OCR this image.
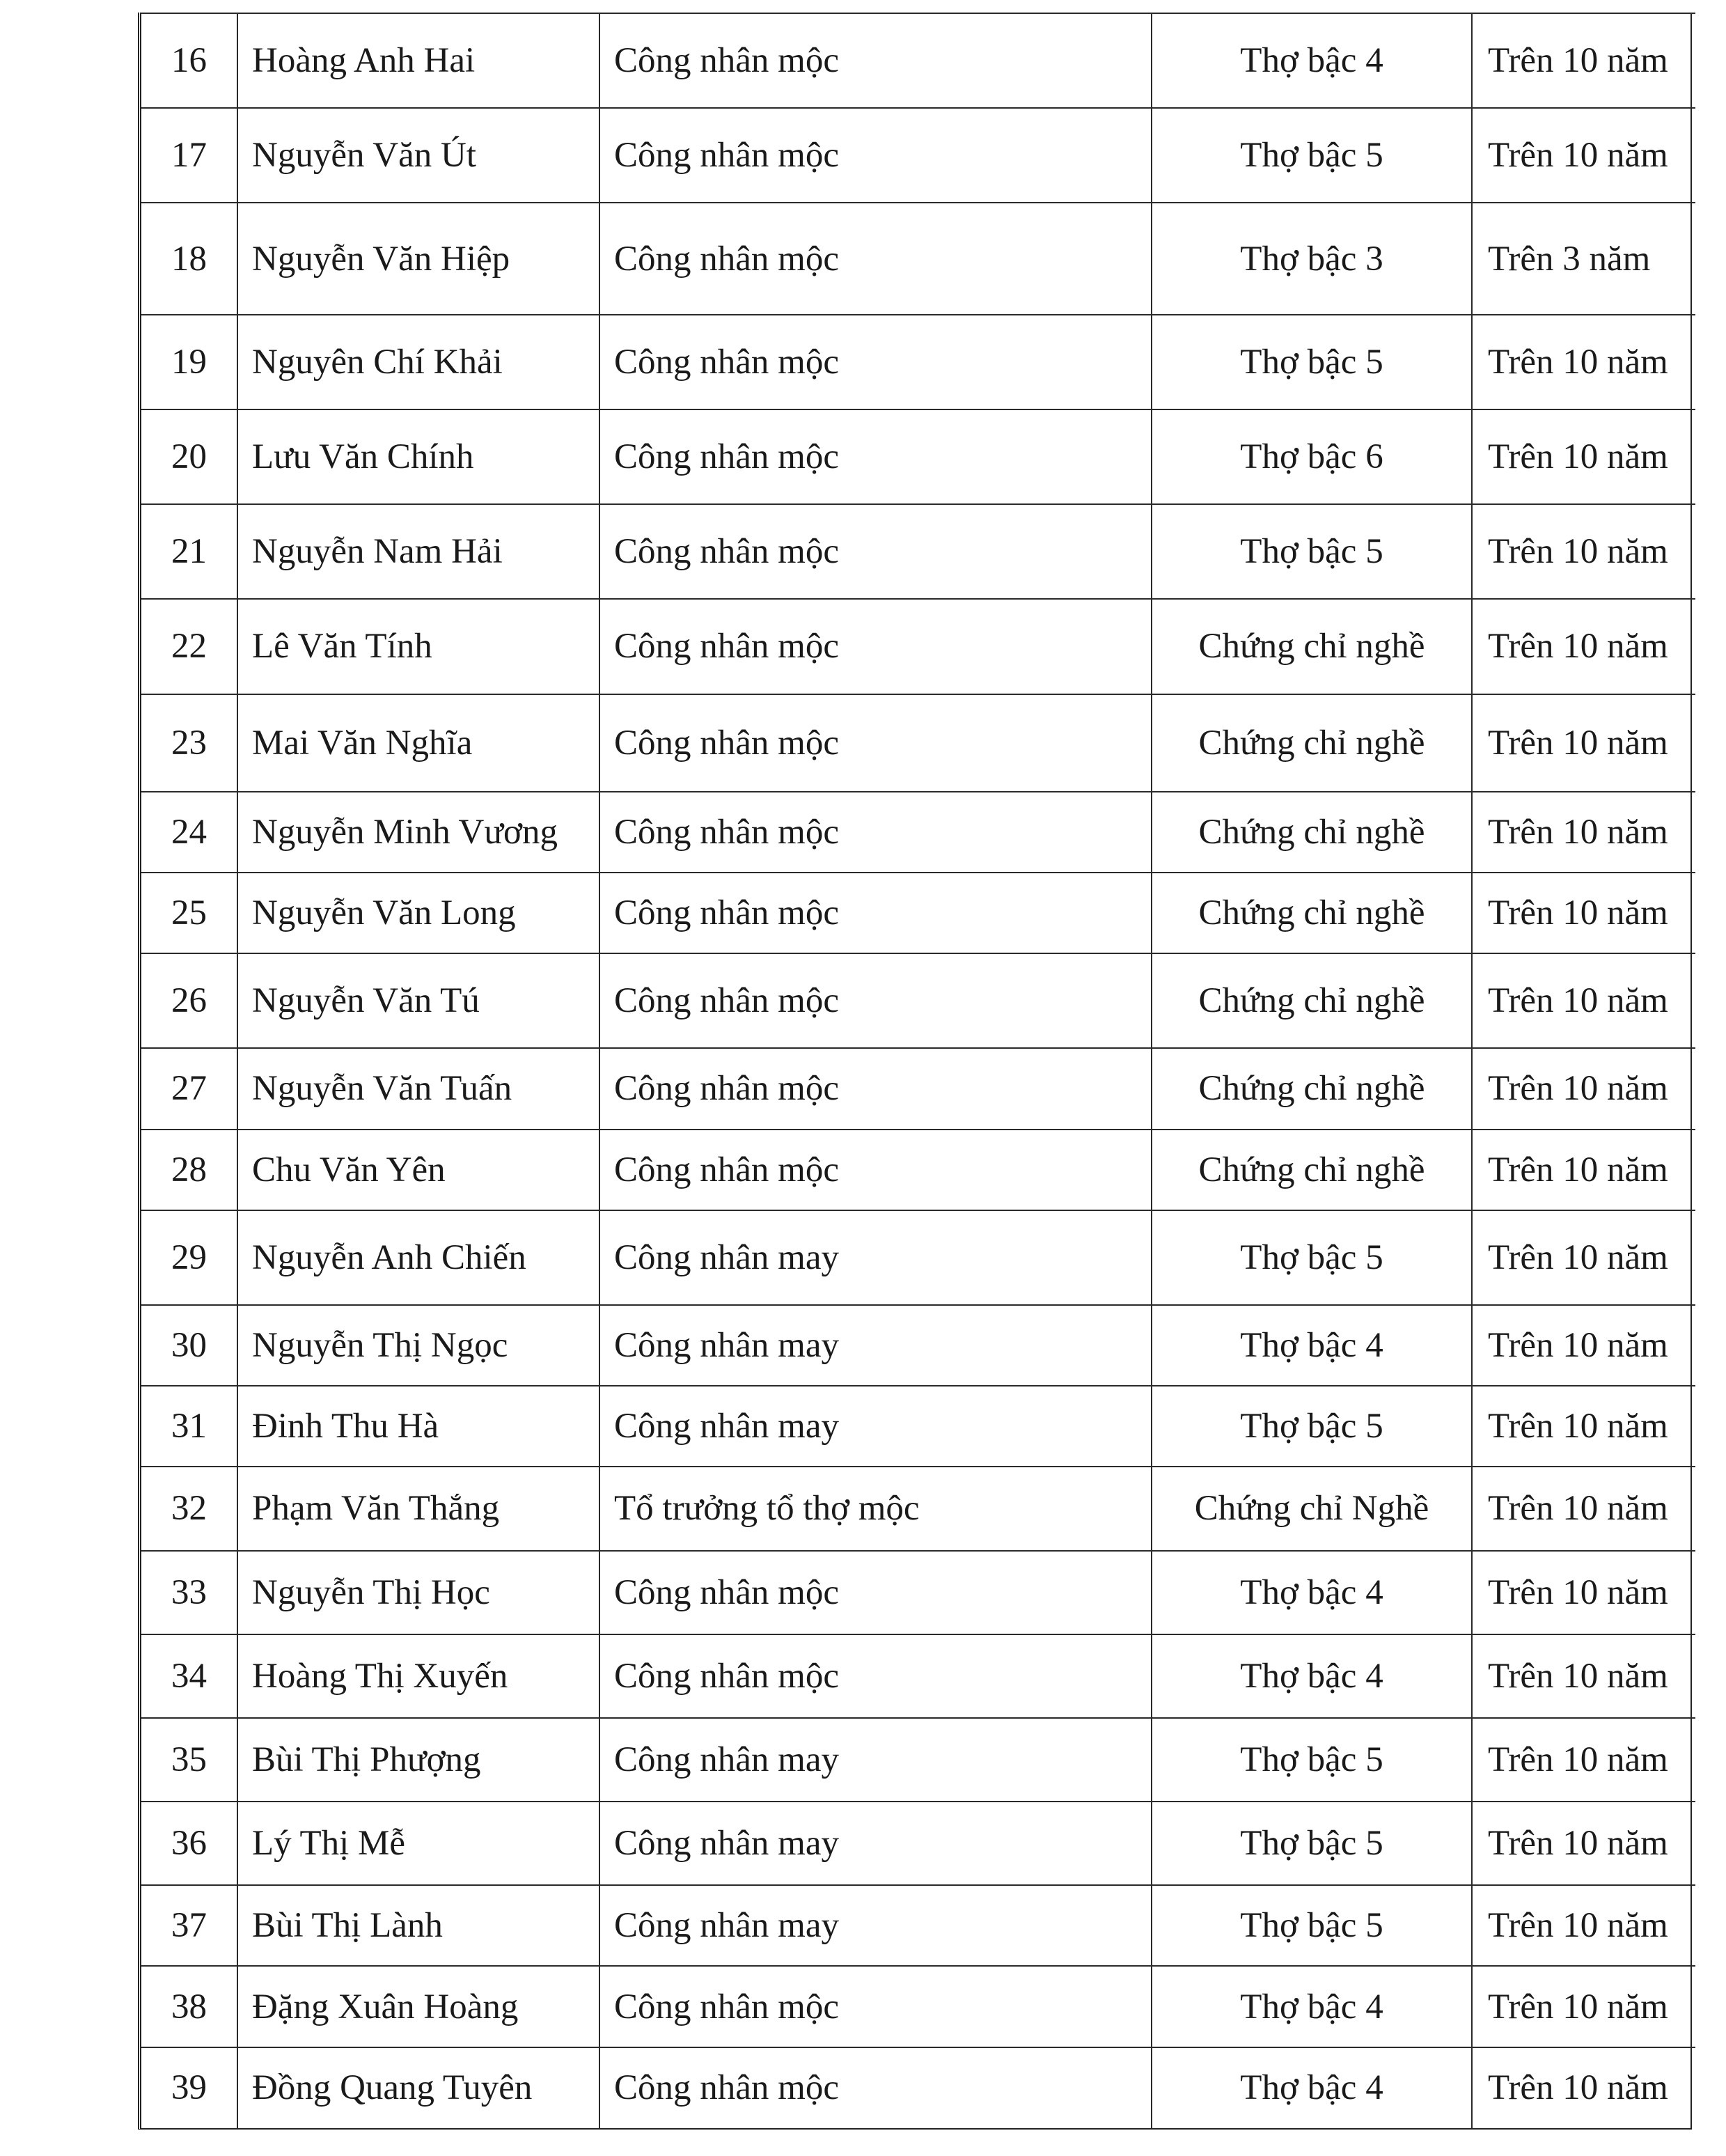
16	Hoàng Anh Hai	Công nhân mộc	Thợ bậc 4	Trên 10 năm
17	Nguyễn Văn Út	Công nhân mộc	Thợ bậc 5	Trên 10 năm
18	Nguyễn Văn Hiệp	Công nhân mộc	Thợ bậc 3	Trên 3 năm
19	Nguyên Chí Khải	Công nhân mộc	Thợ bậc 5	Trên 10 năm
20	Lưu Văn Chính	Công nhân mộc	Thợ bậc 6	Trên 10 năm
21	Nguyễn Nam Hải	Công nhân mộc	Thợ bậc 5	Trên 10 năm
22	Lê Văn Tính	Công nhân mộc	Chứng chỉ nghề	Trên 10 năm
23	Mai Văn Nghĩa	Công nhân mộc	Chứng chỉ nghề	Trên 10 năm
24	Nguyễn Minh Vương	Công nhân mộc	Chứng chỉ nghề	Trên 10 năm
25	Nguyễn Văn Long	Công nhân mộc	Chứng chỉ nghề	Trên 10 năm
26	Nguyễn Văn Tú	Công nhân mộc	Chứng chỉ nghề	Trên 10 năm
27	Nguyễn Văn Tuấn	Công nhân mộc	Chứng chỉ nghề	Trên 10 năm
28	Chu Văn Yên	Công nhân mộc	Chứng chỉ nghề	Trên 10 năm
29	Nguyễn Anh Chiến	Công nhân may	Thợ bậc 5	Trên 10 năm
30	Nguyễn Thị Ngọc	Công nhân may	Thợ bậc 4	Trên 10 năm
31	Đinh Thu Hà	Công nhân may	Thợ bậc 5	Trên 10 năm
32	Phạm Văn Thắng	Tổ trưởng tổ thợ mộc	Chứng chỉ Nghề	Trên 10 năm
33	Nguyễn Thị Học	Công nhân mộc	Thợ bậc 4	Trên 10 năm
34	Hoàng Thị Xuyến	Công nhân mộc	Thợ bậc 4	Trên 10 năm
35	Bùi Thị Phượng	Công nhân may	Thợ bậc 5	Trên 10 năm
36	Lý Thị Mễ	Công nhân may	Thợ bậc 5	Trên 10 năm
37	Bùi Thị Lành	Công nhân may	Thợ bậc 5	Trên 10 năm
38	Đặng Xuân Hoàng	Công nhân mộc	Thợ bậc 4	Trên 10 năm
39	Đồng Quang Tuyên	Công nhân mộc	Thợ bậc 4	Trên 10 năm
